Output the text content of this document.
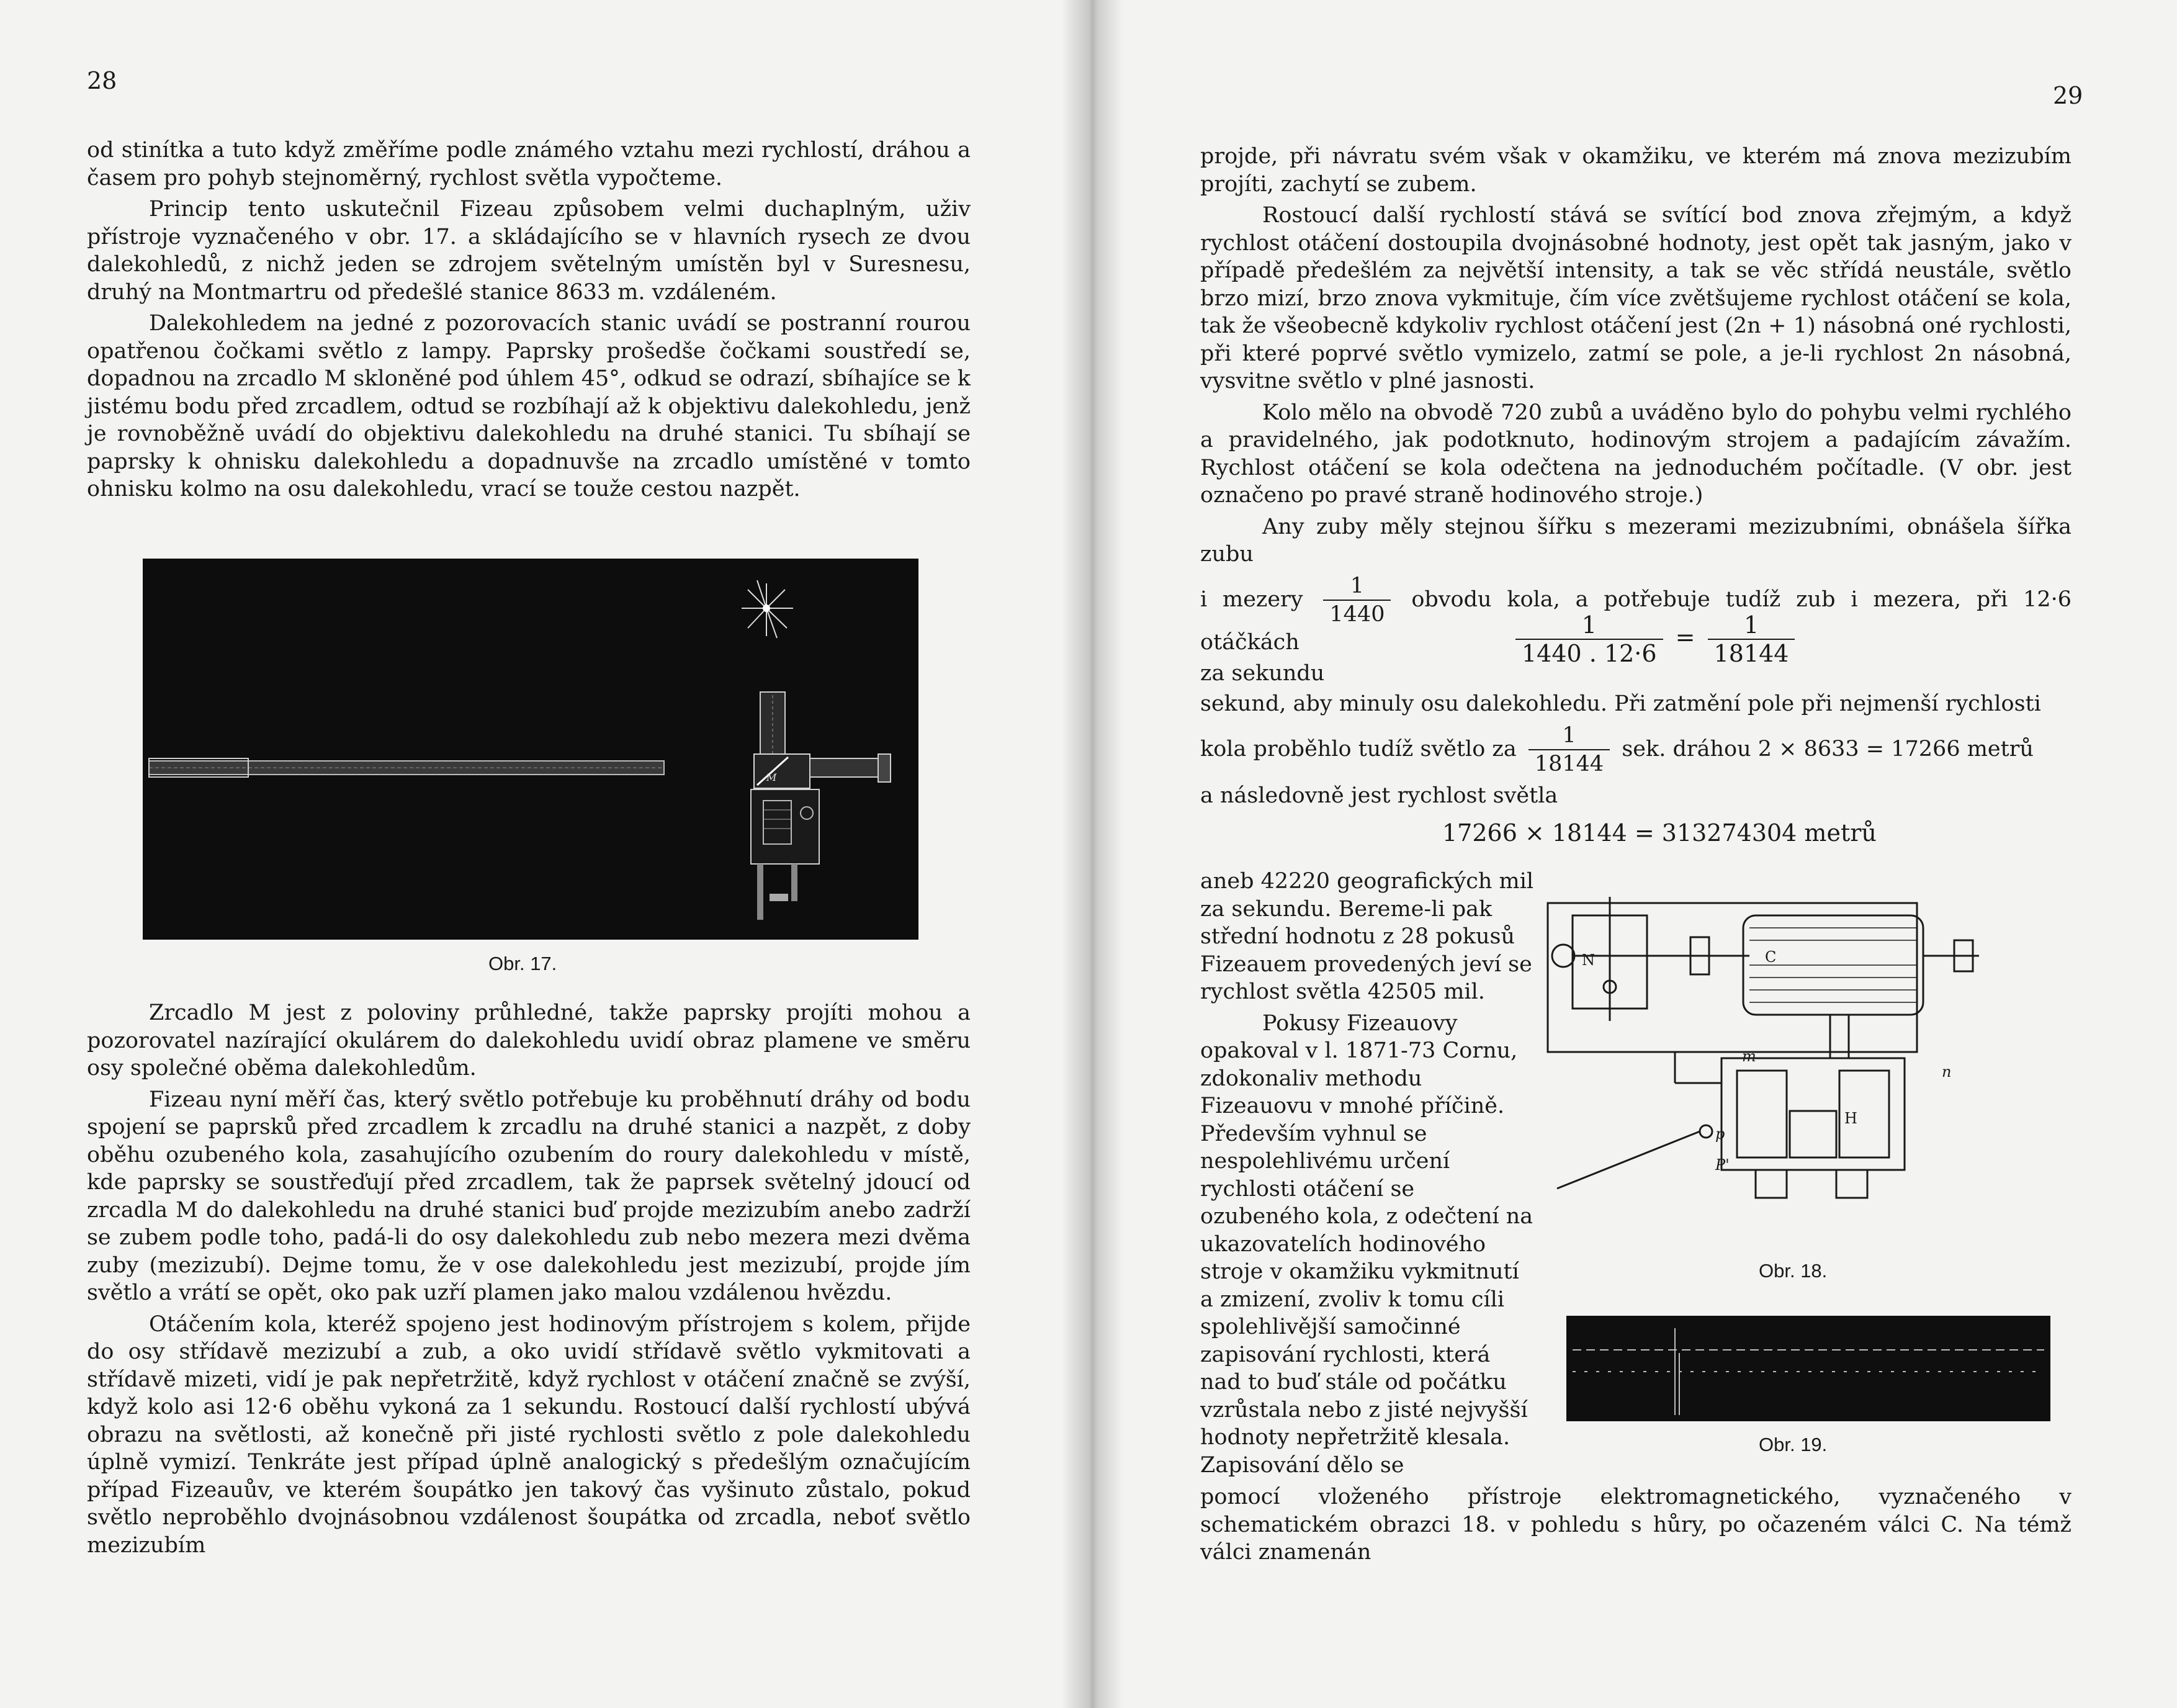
28

od stinítka a tuto když změříme podle známého vztahu mezi rychlostí, dráhou a časem pro pohyb stejnoměrný, rychlost světla vypočteme.

Princip tento uskutečnil Fizeau způsobem velmi duchaplným, uživ přístroje vyznačeného v obr. 17. a skládajícího se v hlavních rysech ze dvou dalekohledů, z nichž jeden se zdrojem světelným umístěn byl v Suresnesu, druhý na Montmartru od předešlé stanice 8633 m. vzdáleném.

Dalekohledem na jedné z pozorovacích stanic uvádí se postranní rourou opatřenou čočkami světlo z lampy. Paprsky prošedše čočkami soustředí se, dopadnou na zrcadlo M skloněné pod úhlem 45°, odkud se odrazí, sbíhajíce se k jistému bodu před zrcadlem, odtud se rozbíhají až k objektivu dalekohledu, jenž je rovnoběžně uvádí do objektivu dalekohledu na druhé stanici. Tu sbíhají se paprsky k ohnisku dalekohledu a dopadnuvše na zrcadlo umístěné v tomto ohnisku kolmo na osu dalekohledu, vrací se touže cestou nazpět.

M
Obr. 17.

Zrcadlo M jest z poloviny průhledné, takže paprsky projíti mohou a pozorovatel nazírající okulárem do dalekohledu uvidí obraz plamene ve směru osy společné oběma dalekohledům.

Fizeau nyní měří čas, který světlo potřebuje ku proběhnutí dráhy od bodu spojení se paprsků před zrcadlem k zrcadlu na druhé stanici a nazpět, z doby oběhu ozubeného kola, zasahujícího ozubením do roury dalekohledu v místě, kde paprsky se soustřeďují před zrcadlem, tak že paprsek světelný jdoucí od zrcadla M do dalekohledu na druhé stanici buď projde mezizubím anebo zadrží se zubem podle toho, padá-li do osy dalekohledu zub nebo mezera mezi dvěma zuby (mezizubí). Dejme tomu, že v ose dalekohledu jest mezizubí, projde jím světlo a vrátí se opět, oko pak uzří plamen jako malou vzdálenou hvězdu.

Otáčením kola, kteréž spojeno jest hodinovým přístrojem s kolem, přijde do osy střídavě mezizubí a zub, a oko uvidí střídavě světlo vykmitovati a střídavě mizeti, vidí je pak nepřetržitě, když rychlost v otáčení značně se zvýší, když kolo asi 12·6 oběhu vykoná za 1 sekundu. Rostoucí další rychlostí ubývá obrazu na světlosti, až konečně při jisté rychlosti světlo z pole dalekohledu úplně vymizí. Tenkráte jest případ úplně analogický s předešlým označujícím případ Fizeauův, ve kterém šoupátko jen takový čas vyšinuto zůstalo, pokud světlo neproběhlo dvojnásobnou vzdálenost šoupátka od zrcadla, neboť světlo mezizubím

29

projde, při návratu svém však v okamžiku, ve kterém má znova mezizubím projíti, zachytí se zubem.

Rostoucí další rychlostí stává se svítící bod znova zřejmým, a když rychlost otáčení dostoupila dvojnásobné hodnoty, jest opět tak jasným, jako v případě předešlém za největší intensity, a tak se věc střídá neustále, světlo brzo mizí, brzo znova vykmituje, čím více zvětšujeme rychlost otáčení se kola, tak že všeobecně kdykoliv rychlost otáčení jest (2n + 1) násobná oné rychlosti, při které poprvé světlo vymizelo, zatmí se pole, a je-li rychlost 2n násobná, vysvitne světlo v plné jasnosti.

Kolo mělo na obvodě 720 zubů a uváděno bylo do pohybu velmi rychlého a pravidelného, jak podotknuto, hodinovým strojem a padajícím závažím. Rychlost otáčení se kola odečtena na jednoduchém počítadle. (V obr. jest označeno po pravé straně hodinového stroje.)

Any zuby měly stejnou šířku s mezerami mezizubními, obnášela šířka zubu

i mezery $\frac{1}{1440}$ obvodu kola, a potřebuje tudíž zub i mezera, při 12·6 otáčkách

za sekundu

$\frac{1}{1440 . 12\cdot 6} = \frac{1}{18144}$

sekund, aby minuly osu dalekohledu. Při zatmění pole při nejmenší rychlosti

kola proběhlo tudíž světlo za $\frac{1}{18144}$ sek. dráhou 2 ⨯ 8633 = 17266 metrů

a následovně jest rychlost světla

17266 ⨯ 18144 = 313274304 metrů

aneb 42220 geografických mil za sekundu. Bereme-li pak střední hodnotu z 28 pokusů Fizeauem provedených jeví se rychlost světla 42505 mil.

Pokusy Fizeauovy opakoval v l. 1871-73 Cornu, zdokonaliv methodu Fizeauovu v mnohé příčině. Především vyhnul se nespolehlivému určení rychlosti otáčení se ozubeného kola, z odečtení na ukazovatelích hodinového stroje v okamžiku vykmitnutí a zmizení, zvoliv k tomu cíli spolehlivější samočinné zapisování rychlosti, která nad to buď stále od počátku vzrůstala nebo z jisté nejvyšší hodnoty nepřetržitě klesala. Zapisování dělo se

N	C
m
n
p
P'
H
Obr. 18.
Obr. 19.

pomocí vloženého přístroje elektromagnetického, vyznačeného v schematickém obrazci 18. v pohledu s hůry, po očazeném válci C. Na témž válci znamenán
